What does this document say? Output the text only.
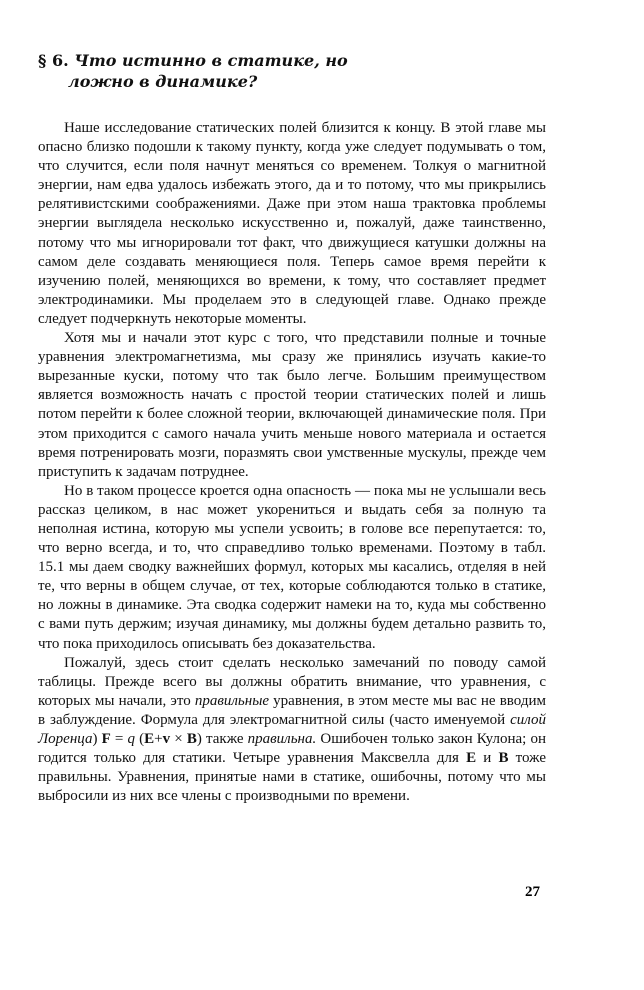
§ 6. Что истинно в статике, но
ложно в динамике?

Наше исследование статических полей близится к концу. В этой главе мы опасно близко подошли к такому пункту, когда уже следует подумывать о том, что случится, если поля начнут меняться со временем. Толкуя о магнитной энергии, нам едва удалось избежать этого, да и то потому, что мы прикрылись релятивистскими соображениями. Даже при этом наша трактовка проблемы энергии выглядела несколько искусственно и, пожалуй, даже таинственно, потому что мы игнорировали тот факт, что движущиеся катушки должны на самом деле создавать меняющиеся поля. Теперь самое время перейти к изучению полей, меняющихся во времени, к тому, что составляет предмет электродинамики. Мы проделаем это в следующей главе. Однако прежде следует подчеркнуть некоторые моменты.

Хотя мы и начали этот курс с того, что представили полные и точные уравнения электромагнетизма, мы сразу же принялись изучать какие-то вырезанные куски, потому что так было легче. Большим преимуществом является возможность начать с простой теории статических полей и лишь потом перейти к более сложной теории, включающей динамические поля. При этом приходится с самого начала учить меньше нового материала и остается время потренировать мозги, поразмять свои умственные мускулы, прежде чем приступить к задачам потруднее.

Но в таком процессе кроется одна опасность — пока мы не услышали весь рассказ целиком, в нас может укорениться и выдать себя за полную та неполная истина, которую мы успели усвоить; в голове все перепутается: то, что верно всегда, и то, что справедливо только временами. Поэтому в табл. 15.1 мы даем сводку важнейших формул, которых мы касались, отделяя в ней те, что верны в общем случае, от тех, которые соблюдаются только в статике, но ложны в динамике. Эта сводка содержит намеки на то, куда мы собственно с вами путь держим; изучая динамику, мы должны будем детально развить то, что пока приходилось описывать без доказательства.

Пожалуй, здесь стоит сделать несколько замечаний по поводу самой таблицы. Прежде всего вы должны обратить внимание, что уравнения, с которых мы начали, это правильные уравнения, в этом месте мы вас не вводим в заблуждение. Формула для электромагнитной силы (часто именуемой силой Лоренца) F = q (E+v × B) также правильна. Ошибочен только закон Кулона; он годится только для статики. Четыре уравнения Максвелла для E и B тоже правильны. Уравнения, принятые нами в статике, ошибочны, потому что мы выбросили из них все члены с производными по времени.

27
